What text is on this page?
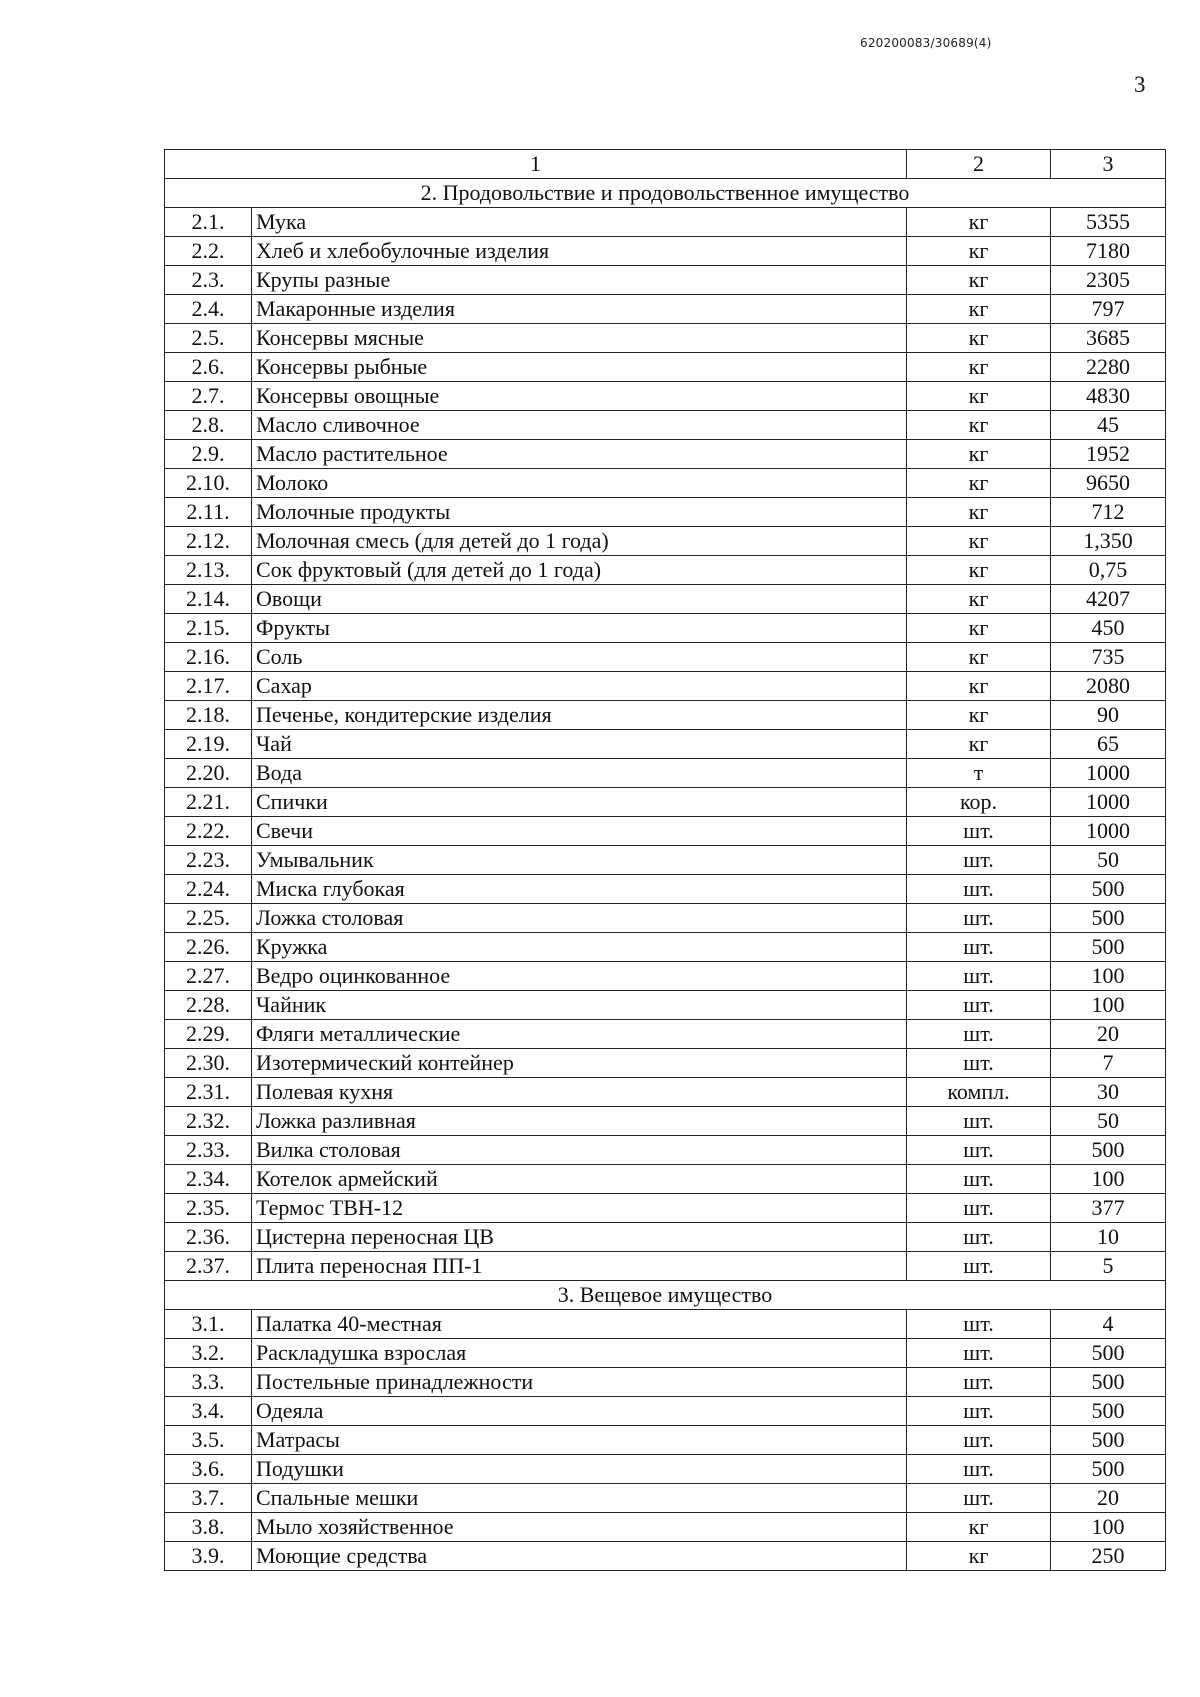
620200083/30689(4)
3
1		2	3
2. Продовольствие и продовольственное имущество			
2.1.	Мука	кг	5355
2.2.	Хлеб и хлебобулочные изделия	кг	7180
2.3.	Крупы разные	кг	2305
2.4.	Макаронные изделия	кг	797
2.5.	Консервы мясные	кг	3685
2.6.	Консервы рыбные	кг	2280
2.7.	Консервы овощные	кг	4830
2.8.	Масло сливочное	кг	45
2.9.	Масло растительное	кг	1952
2.10.	Молоко	кг	9650
2.11.	Молочные продукты	кг	712
2.12.	Молочная смесь (для детей до 1 года)	кг	1,350
2.13.	Сок фруктовый (для детей до 1 года)	кг	0,75
2.14.	Овощи	кг	4207
2.15.	Фрукты	кг	450
2.16.	Соль	кг	735
2.17.	Сахар	кг	2080
2.18.	Печенье, кондитерские изделия	кг	90
2.19.	Чай	кг	65
2.20.	Вода	т	1000
2.21.	Спички	кор.	1000
2.22.	Свечи	шт.	1000
2.23.	Умывальник	шт.	50
2.24.	Миска глубокая	шт.	500
2.25.	Ложка столовая	шт.	500
2.26.	Кружка	шт.	500
2.27.	Ведро оцинкованное	шт.	100
2.28.	Чайник	шт.	100
2.29.	Фляги металлические	шт.	20
2.30.	Изотермический контейнер	шт.	7
2.31.	Полевая кухня	компл.	30
2.32.	Ложка разливная	шт.	50
2.33.	Вилка столовая	шт.	500
2.34.	Котелок армейский	шт.	100
2.35.	Термос ТВН-12	шт.	377
2.36.	Цистерна переносная ЦВ	шт.	10
2.37.	Плита переносная ПП-1	шт.	5
3. Вещевое имущество			
3.1.	Палатка 40-местная	шт.	4
3.2.	Раскладушка взрослая	шт.	500
3.3.	Постельные принадлежности	шт.	500
3.4.	Одеяла	шт.	500
3.5.	Матрасы	шт.	500
3.6.	Подушки	шт.	500
3.7.	Спальные мешки	шт.	20
3.8.	Мыло хозяйственное	кг	100
3.9.	Моющие средства	кг	250
